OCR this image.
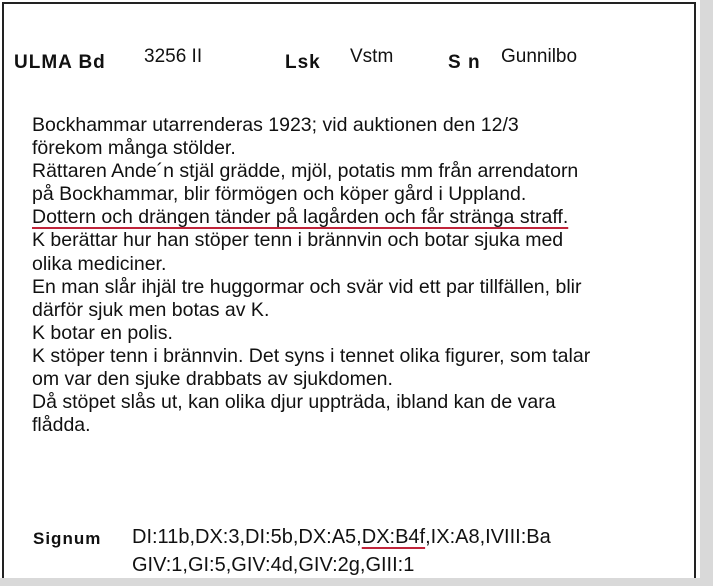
ULMA Bd 3256 II	Lsk Vstm	S n Gunnilbo
Bockhammar utarrenderas 1923; vid auktionen den 12/3
förekom många stölder.
Rättaren Ande´n stjäl grädde, mjöl, potatis mm från arrendatorn
på Bockhammar, blir förmögen och köper gård i Uppland.
Dottern och drängen tänder på lagården och får stränga straff.
K berättar hur han stöper tenn i brännvin och botar sjuka med
olika mediciner.
En man slår ihjäl tre huggormar och svär vid ett par tillfällen, blir
därför sjuk men botas av K.
K botar en polis.
K stöper tenn i brännvin. Det syns i tennet olika figurer, som talar
om var den sjuke drabbats av sjukdomen.
Då stöpet slås ut, kan olika djur uppträda, ibland kan de vara
flådda.
Signum DI:11b,DX:3,DI:5b,DX:A5,DX:B4f,IX:A8,IVIII:Ba
GIV:1,GI:5,GIV:4d,GIV:2g,GIII:1
